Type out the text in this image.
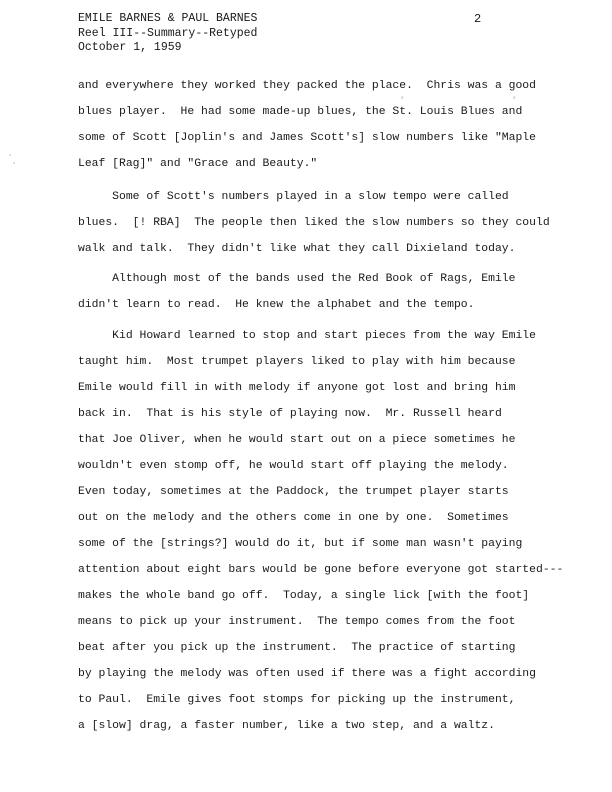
EMILE BARNES & PAUL BARNES
Reel III--Summary--Retyped
October 1, 1959
2
and everywhere they worked they packed the place.  Chris was a good
blues player.  He had some made-up blues, the St. Louis Blues and
some of Scott [Joplin's and James Scott's] slow numbers like "Maple
Leaf [Rag]" and "Grace and Beauty."
Some of Scott's numbers played in a slow tempo were called
blues.  [! RBA]  The people then liked the slow numbers so they could
walk and talk.  They didn't like what they call Dixieland today.
Although most of the bands used the Red Book of Rags, Emile
didn't learn to read.  He knew the alphabet and the tempo.
Kid Howard learned to stop and start pieces from the way Emile
taught him.  Most trumpet players liked to play with him because
Emile would fill in with melody if anyone got lost and bring him
back in.  That is his style of playing now.  Mr. Russell heard
that Joe Oliver, when he would start out on a piece sometimes he
wouldn't even stomp off, he would start off playing the melody.
Even today, sometimes at the Paddock, the trumpet player starts
out on the melody and the others come in one by one.  Sometimes
some of the [strings?] would do it, but if some man wasn't paying
attention about eight bars would be gone before everyone got started---
makes the whole band go off.  Today, a single lick [with the foot]
means to pick up your instrument.  The tempo comes from the foot
beat after you pick up the instrument.  The practice of starting
by playing the melody was often used if there was a fight according
to Paul.  Emile gives foot stomps for picking up the instrument,
a [slow] drag, a faster number, like a two step, and a waltz.
·
·
'	'
